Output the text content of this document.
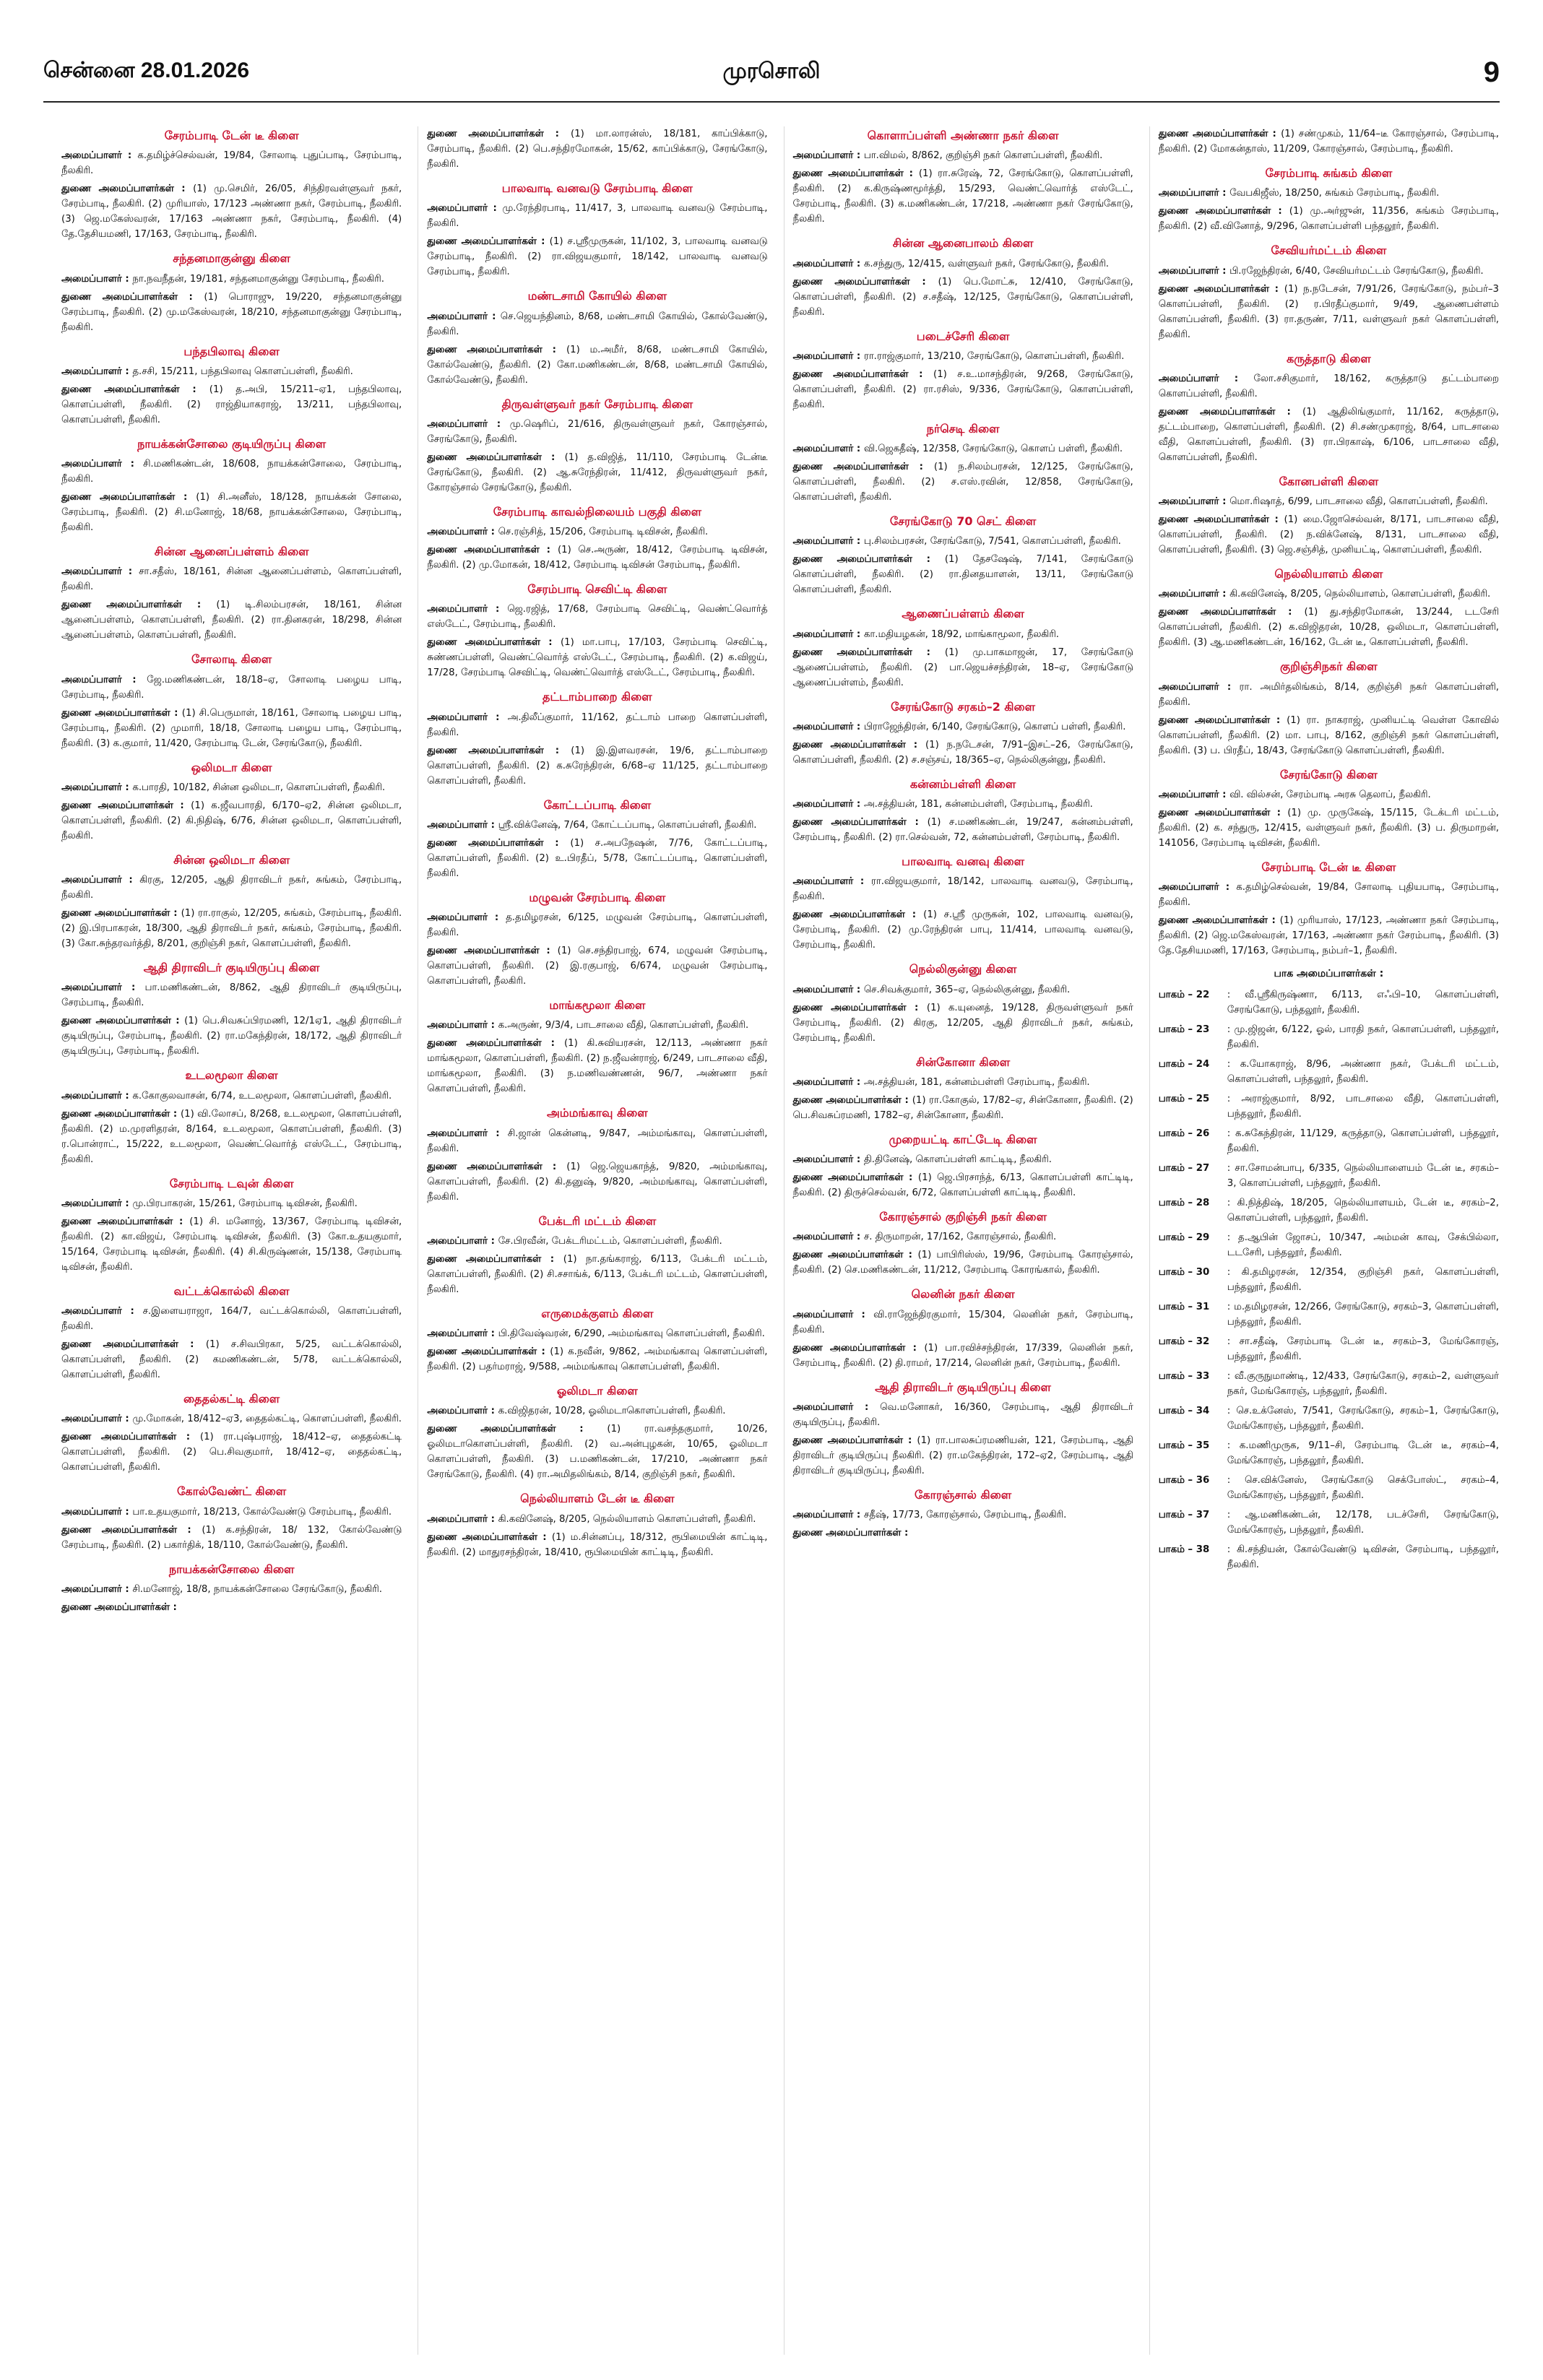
சென்னை 28.01.2026	முரசொலி	9
சேரம்பாடி டேன் டீ கிளை

அமைப்பாளர் : க.தமிழ்ச்செல்வன், 19/84, சோலாடி புதுப்பாடி, சேரம்பாடி, நீலகிரி.

துணை அமைப்பாளர்கள் : (1) மு.செமிர், 26/05, சிந்திரவள்ளுவர் நகர், சேரம்பாடி, நீலகிரி. (2) முரியாஸ், 17/123 அண்ணா நகர், சேரம்பாடி, நீலகிரி. (3) ஜெ.மகேஸ்வரன், 17/163 அண்ணா நகர், சேரம்பாடி, நீலகிரி. (4) தே.தேசியமணி, 17/163, சேரம்பாடி, நீலகிரி.

சந்தனமாகுன்னு கிளை

அமைப்பாளர் : நா.நவநீதன், 19/181, சந்தனமாகுன்னு சேரம்பாடி, நீலகிரி.

துணை அமைப்பாளர்கள் : (1) பொராஜு, 19/220, சந்தனமாகுன்னு சேரம்பாடி, நீலகிரி. (2) மு.மகேஸ்வரன், 18/210, சந்தனமாகுன்னு சேரம்பாடி, நீலகிரி.

பந்தபிலாவு கிளை

அமைப்பாளர் : த.சசி, 15/211, பந்தபிலாவு கொளப்பள்ளி, நீலகிரி.

துணை அமைப்பாளர்கள் : (1) த.அபி, 15/211–ஏ1, பந்தபிலாவு, கொளப்பள்ளி, நீலகிரி. (2) ராஜ்தியாகராஜ், 13/211, பந்தபிலாவு, கொளப்பள்ளி, நீலகிரி.

நாயக்கன்சோலை குடியிருப்பு கிளை

அமைப்பாளர் : சி.மணிகண்டன், 18/608, நாயக்கன்சோலை, சேரம்பாடி, நீலகிரி.

துணை அமைப்பாளர்கள் : (1) சி.அனீஸ், 18/128, நாயக்கன் சோலை, சேரம்பாடி, நீலகிரி. (2) சி.மனோஜ், 18/68, நாயக்கன்சோலை, சேரம்பாடி, நீலகிரி.

சின்ன ஆனைப்பள்ளம் கிளை

அமைப்பாளர் : சா.சதீஸ், 18/161, சின்ன ஆனைப்பள்ளம், கொளப்பள்ளி, நீலகிரி.

துணை அமைப்பாளர்கள் : (1) டி.சிலம்பரசன், 18/161, சின்ன ஆனைப்பள்ளம், கொளப்பள்ளி, நீலகிரி. (2) ரா.தினகரன், 18/298, சின்ன ஆனைப்பள்ளம், கொளப்பள்ளி, நீலகிரி.

சோலாடி கிளை

அமைப்பாளர் : ஜே.மணிகண்டன், 18/18–ஏ, சோலாடி பழைய பாடி, சேரம்பாடி, நீலகிரி.

துணை அமைப்பாளர்கள் : (1) சி.பெருமாள், 18/161, சோலாடி பழைய பாடி, சேரம்பாடி, நீலகிரி. (2) முமாரி, 18/18, சோலாடி பழைய பாடி, சேரம்பாடி, நீலகிரி. (3) க.குமார், 11/420, சேரம்பாடி டேன், சேரங்கோடு, நீலகிரி.

ஒலிமடா கிளை

அமைப்பாளர் : க.பாரதி, 10/182, சின்ன ஒலிமடா, கொளப்பள்ளி, நீலகிரி.

துணை அமைப்பாளர்கள் : (1) க.ஜீவபாரதி, 6/170–ஏ2, சின்ன ஒலிமடா, கொளப்பள்ளி, நீலகிரி. (2) கி.நிதிஷ், 6/76, சின்ன ஒலிமடா, கொளப்பள்ளி, நீலகிரி.

சின்ன ஒலிமடா கிளை

அமைப்பாளர் : கிரகு, 12/205, ஆதி திராவிடர் நகர், சுங்கம், சேரம்பாடி, நீலகிரி.

துணை அமைப்பாளர்கள் : (1) ரா.ராகுல், 12/205, சுங்கம், சேரம்பாடி, நீலகிரி. (2) இ.பிரபாகரன், 18/300, ஆதி திராவிடர் நகர், சுங்கம், சேரம்பாடி, நீலகிரி. (3) கோ.சுந்தரவர்த்தி, 8/201, குறிஞ்சி நகர், கொளப்பள்ளி, நீலகிரி.

ஆதி திராவிடர் குடியிருப்பு கிளை

அமைப்பாளர் : பா.மணிகண்டன், 8/862, ஆதி திராவிடர் குடியிருப்பு, சேரம்பாடி, நீலகிரி.

துணை அமைப்பாளர்கள் : (1) பெ.சிவசுப்பிரமணி, 12/1ஏ1, ஆதி திராவிடர் குடியிருப்பு, சேரம்பாடி, நீலகிரி. (2) ரா.மகேந்திரன், 18/172, ஆதி திராவிடர் குடியிருப்பு, சேரம்பாடி, நீலகிரி.

உடலமூலா கிளை

அமைப்பாளர் : க.கோகுலவாசன், 6/74, உடலமூலா, கொளப்பள்ளி, நீலகிரி.

துணை அமைப்பாளர்கள் : (1) வி.லோசப், 8/268, உடலமூலா, கொளப்பள்ளி, நீலகிரி. (2) ம.முரளிதரன், 8/164, உடலமூலா, கொளப்பள்ளி, நீலகிரி. (3) ர.பொன்ராட், 15/222, உடலமூலா, வெண்ட்வொர்த் எஸ்டேட், சேரம்பாடி, நீலகிரி.

சேரம்பாடி டவுன் கிளை

அமைப்பாளர் : மு.பிரபாகரன், 15/261, சேரம்பாடி டிவிசன், நீலகிரி.

துணை அமைப்பாளர்கள் : (1) சி. மனோஜ், 13/367, சேரம்பாடி டிவிசன், நீலகிரி. (2) கா.விஜய், சேரம்பாடி டிவிசன், நீலகிரி. (3) கோ.உதயகுமார், 15/164, சேரம்பாடி டிவிசன், நீலகிரி. (4) சி.கிருஷ்ணன், 15/138, சேரம்பாடி டிவிசன், நீலகிரி.

வட்டக்கொல்லி கிளை

அமைப்பாளர் : ச.இளையராஜா, 164/7, வட்டக்கொல்லி, கொளப்பள்ளி, நீலகிரி.

துணை அமைப்பாளர்கள் : (1) ச.சிவபிரகா, 5/25, வட்டக்கொல்லி, கொளப்பள்ளி, நீலகிரி. (2) கமணிகண்டன், 5/78, வட்டக்கொல்லி, கொளப்பள்ளி, நீலகிரி.

தைதல்கட்டி கிளை

அமைப்பாளர் : மு.மோகன், 18/412–ஏ3, தைதல்கட்டி, கொளப்பள்ளி, நீலகிரி.

துணை அமைப்பாளர்கள் : (1) ரா.புஷ்பராஜ், 18/412–ஏ, தைதல்கட்டி கொளப்பள்ளி, நீலகிரி. (2) பெ.சிவகுமார், 18/412–ஏ, தைதல்கட்டி, கொளப்பள்ளி, நீலகிரி.

கோல்வேண்ட் கிளை

அமைப்பாளர் : பா.உதயகுமார், 18/213, கோல்வேண்டு சேரம்பாடி, நீலகிரி.

துணை அமைப்பாளர்கள் : (1) க.சந்திரன், 18/ 132, கோல்வேண்டு சேரம்பாடி, நீலகிரி. (2) பகார்திக், 18/110, கோல்வேண்டு, நீலகிரி.

நாயக்கன்சோலை கிளை

அமைப்பாளர் : சி.மனோஜ், 18/8, நாயக்கன்சோலை சேரங்கோடு, நீலகிரி.

துணை அமைப்பாளர்கள் :

துணை அமைப்பாளர்கள் : (1) மா.லாரன்ஸ், 18/181, காப்பிக்காடு, சேரம்பாடி, நீலகிரி. (2) பெ.சந்திரமோகன், 15/62, காப்பிக்காடு, சேரங்கோடு, நீலகிரி.

பாலவாடி வனவடு சேரம்பாடி கிளை

அமைப்பாளர் : மு.ரேந்திரபாடி, 11/417, 3, பாலவாடி வனவடு சேரம்பாடி, நீலகிரி.

துணை அமைப்பாளர்கள் : (1) ச.ஸ்ரீமுருகன், 11/102, 3, பாலவாடி வனவடு சேரம்பாடி, நீலகிரி. (2) ரா.விஜயகுமார், 18/142, பாலவாடி வனவடு சேரம்பாடி, நீலகிரி.

மண்டசாமி கோயில் கிளை

அமைப்பாளர் : செ.ஜெயந்தினம், 8/68, மண்டசாமி கோயில், கோல்வேண்டு, நீலகிரி.

துணை அமைப்பாளர்கள் : (1) ம.அமீர், 8/68, மண்டசாமி கோயில், கோல்வேண்டு, நீலகிரி. (2) கோ.மணிகண்டன், 8/68, மண்டசாமி கோயில், கோல்வேண்டு, நீலகிரி.

திருவள்ளுவர் நகர் சேரம்பாடி கிளை

அமைப்பாளர் : மு.ஷெரிப், 21/616, திருவள்ளுவர் நகர், கோரஞ்சால், சேரங்கோடு, நீலகிரி.

துணை அமைப்பாளர்கள் : (1) த.விஜித், 11/110, சேரம்பாடி டேன்டீ சேரங்கோடு, நீலகிரி. (2) ஆ.சுரேந்திரன், 11/412, திருவள்ளுவர் நகர், கோரஞ்சால் சேரங்கோடு, நீலகிரி.

சேரம்பாடி காவல்நிலையம் பகுதி கிளை

அமைப்பாளர் : செ.ரஞ்சித், 15/206, சேரம்பாடி டிவிசன், நீலகிரி.

துணை அமைப்பாளர்கள் : (1) செ.அருண், 18/412, சேரம்பாடி டிவிசன், நீலகிரி. (2) மு.மோகன், 18/412, சேரம்பாடி டிவிசன் சேரம்பாடி, நீலகிரி.

சேரம்பாடி செவிட்டி கிளை

அமைப்பாளர் : ஜெ.ரஜித், 17/68, சேரம்பாடி செவிட்டி, வெண்ட்வொர்த் எஸ்டேட், சேரம்பாடி, நீலகிரி.

துணை அமைப்பாளர்கள் : (1) மா.பாபு, 17/103, சேரம்பாடி செவிட்டி, சுண்ணப்பள்ளி, வெண்ட்வொர்த் எஸ்டேட், சேரம்பாடி, நீலகிரி. (2) க.விஜய், 17/28, சேரம்பாடி செவிட்டி, வெண்ட்வொர்த் எஸ்டேட், சேரம்பாடி, நீலகிரி.

தட்டாம்பாறை கிளை

அமைப்பாளர் : அ.திலீப்குமார், 11/162, தட்டாம் பாறை கொளப்பள்ளி, நீலகிரி.

துணை அமைப்பாளர்கள் : (1) இ.இளவரசன், 19/6, தட்டாம்பாறை கொளப்பள்ளி, நீலகிரி. (2) க.சுரேந்திரன், 6/68–ஏ 11/125, தட்டாம்பாறை கொளப்பள்ளி, நீலகிரி.

கோட்டப்பாடி கிளை

அமைப்பாளர் : ஸ்ரீ.விக்னேஷ், 7/64, கோட்டப்பாடி, கொளப்பள்ளி, நீலகிரி.

துணை அமைப்பாளர்கள் : (1) ச.அபநேஷன், 7/76, கோட்டப்பாடி, கொளப்பள்ளி, நீலகிரி. (2) உ.பிரதீப், 5/78, கோட்டப்பாடி, கொளப்பள்ளி, நீலகிரி.

மழுவன் சேரம்பாடி கிளை

அமைப்பாளர் : த.தமிழரசன், 6/125, மழுவன் சேரம்பாடி, கொளப்பள்ளி, நீலகிரி.

துணை அமைப்பாளர்கள் : (1) செ.சந்திரபாஜ், 674, மழுவன் சேரம்பாடி, கொளப்பள்ளி, நீலகிரி. (2) இ.ரகுபாஜ், 6/674, மழுவன் சேரம்பாடி, கொளப்பள்ளி, நீலகிரி.

மாங்கமூலா கிளை

அமைப்பாளர் : க.அருண், 9/3/4, பாடசாலை வீதி, கொளப்பள்ளி, நீலகிரி.

துணை அமைப்பாளர்கள் : (1) கி.சுவியரசன், 12/113, அண்ணா நகர் மாங்கமூலா, கொளப்பள்ளி, நீலகிரி. (2) ந.ஜீவன்ராஜ், 6/249, பாடசாலை வீதி, மாங்கமூலா, நீலகிரி. (3) ந.மணிவண்ணன், 96/7, அண்ணா நகர் கொளப்பள்ளி, நீலகிரி.

அம்மங்காவு கிளை

அமைப்பாளர் : சி.ஜான் கென்னடி, 9/847, அம்மங்காவு, கொளப்பள்ளி, நீலகிரி.

துணை அமைப்பாளர்கள் : (1) ஜெ.ஜெயகாந்த், 9/820, அம்மங்காவு, கொளப்பள்ளி, நீலகிரி. (2) கி.தனுஷ், 9/820, அம்மங்காவு, கொளப்பள்ளி, நீலகிரி.

பேக்டரி மட்டம் கிளை

அமைப்பாளர் : சே.பிரவீன், பேக்டரிமட்டம், கொளப்பள்ளி, நீலகிரி.

துணை அமைப்பாளர்கள் : (1) நா.தங்கராஜ், 6/113, பேக்டரி மட்டம், கொளப்பள்ளி, நீலகிரி. (2) சி.சசாங்க், 6/113, பேக்டரி மட்டம், கொளப்பள்ளி, நீலகிரி.

எருமைக்குளம் கிளை

அமைப்பாளர் : பி.திவேஷ்வரன், 6/290, அம்மங்காவு கொளப்பள்ளி, நீலகிரி.

துணை அமைப்பாளர்கள் : (1) க.நவீன், 9/862, அம்மங்காவு கொளப்பள்ளி, நீலகிரி. (2) பதர்மராஜ், 9/588, அம்மங்காவு கொளப்பள்ளி, நீலகிரி.

ஓலிமடா கிளை

அமைப்பாளர் : க.விஜிதரன், 10/28, ஓலிமடாகொளப்பள்ளி, நீலகிரி.

துணை அமைப்பாளர்கள் : (1) ரா.வசந்தகுமார், 10/26, ஓலிமடாகொளப்பள்ளி, நீலகிரி. (2) வ.அன்புழகன், 10/65, ஓலிமடா கொளப்பள்ளி, நீலகிரி. (3) ப.மணிகண்டன், 17/210, அண்ணா நகர் சேரங்கோடு, நீலகிரி. (4) ரா.அமிதலிங்கம், 8/14, குறிஞ்சி நகர், நீலகிரி.

நெல்லியாளம் டேன் டீ கிளை

அமைப்பாளர் : கி.கவினேஷ், 8/205, நெல்லியாளம் கொளப்பள்ளி, நீலகிரி.

துணை அமைப்பாளர்கள் : (1) ம.சின்னப்பு, 18/312, ரூபிமையின் காட்டிடி, நீலகிரி. (2) மாதுரசந்திரன், 18/410, ரூபிமையின் காட்டிடி, நீலகிரி.

கொளாப்பள்ளி அண்ணா நகர் கிளை

அமைப்பாளர் : பா.விமல், 8/862, குறிஞ்சி நகர் கொளப்பள்ளி, நீலகிரி.

துணை அமைப்பாளர்கள் : (1) ரா.சுரேஷ், 72, சேரங்கோடு, கொளப்பள்ளி, நீலகிரி. (2) க.கிருஷ்ணமூர்த்தி, 15/293, வெண்ட்வொர்த் எஸ்டேட், சேரம்பாடி, நீலகிரி. (3) க.மணிகண்டன், 17/218, அண்ணா நகர் சேரங்கோடு, நீலகிரி.

சின்ன ஆனைபாலம் கிளை

அமைப்பாளர் : க.சந்துரு, 12/415, வள்ளுவர் நகர், சேரங்கோடு, நீலகிரி.

துணை அமைப்பாளர்கள் : (1) பெ.மோட்சு, 12/410, சேரங்கோடு, கொளப்பள்ளி, நீலகிரி. (2) ச.சதீஷ், 12/125, சேரங்கோடு, கொளப்பள்ளி, நீலகிரி.

படைச்சேரி கிளை

அமைப்பாளர் : ரா.ராஜ்குமார், 13/210, சேரங்கோடு, கொளப்பள்ளி, நீலகிரி.

துணை அமைப்பாளர்கள் : (1) ச.உ.மாசந்திரன், 9/268, சேரங்கோடு, கொளப்பள்ளி, நீலகிரி. (2) ரா.ரசிஸ், 9/336, சேரங்கோடு, கொளப்பள்ளி, நீலகிரி.

நர்செடி கிளை

அமைப்பாளர் : வி.ஜெகதீஷ், 12/358, சேரங்கோடு, கொளப் பள்ளி, நீலகிரி.

துணை அமைப்பாளர்கள் : (1) ந.சிலம்பரசன், 12/125, சேரங்கோடு, கொளப்பள்ளி, நீலகிரி. (2) ச.எஸ்.ரவின், 12/858, சேரங்கோடு, கொளப்பள்ளி, நீலகிரி.

சேரங்கோடு 70 செட் கிளை

அமைப்பாளர் : பு.சிலம்பரசன், சேரங்கோடு, 7/541, கொளப்பள்ளி, நீலகிரி.

துணை அமைப்பாளர்கள் : (1) தேசஷேஷ், 7/141, சேரங்கோடு கொளப்பள்ளி, நீலகிரி. (2) ரா.தினதயாளன், 13/11, சேரங்கோடு கொளப்பள்ளி, நீலகிரி.

ஆணைப்பள்ளம் கிளை

அமைப்பாளர் : கா.மதியழகன், 18/92, மாங்காமூலா, நீலகிரி.

துணை அமைப்பாளர்கள் : (1) மு.பாகமாஜன், 17, சேரங்கோடு ஆணைப்பள்ளம், நீலகிரி. (2) பா.ஜெயச்சந்திரன், 18–ஏ, சேரங்கோடு ஆணைப்பள்ளம், நீலகிரி.

சேரங்கோடு சரகம்–2 கிளை

அமைப்பாளர் : பிராஜேந்திரன், 6/140, சேரங்கோடு, கொளப் பள்ளி, நீலகிரி.

துணை அமைப்பாளர்கள் : (1) ந.நடேசன், 7/91–இசட்–26, சேரங்கோடு, கொளப்பள்ளி, நீலகிரி. (2) ச.சஞ்சய், 18/365–ஏ, நெல்லிகுன்னு, நீலகிரி.

கன்னம்பள்ளி கிளை

அமைப்பாளர் : அ.சத்தியன், 181, கன்னம்பள்ளி, சேரம்பாடி, நீலகிரி.

துணை அமைப்பாளர்கள் : (1) ச.மணிகண்டன், 19/247, கன்னம்பள்ளி, சேரம்பாடி, நீலகிரி. (2) ரா.செல்வன், 72, கன்னம்பள்ளி, சேரம்பாடி, நீலகிரி.

பாலவாடி வனவு கிளை

அமைப்பாளர் : ரா.விஜயகுமார், 18/142, பாலவாடி வனவடு, சேரம்பாடி, நீலகிரி.

துணை அமைப்பாளர்கள் : (1) ச.ஸ்ரீ முருகன், 102, பாலவாடி வனவடு, சேரம்பாடி, நீலகிரி. (2) மு.ரேந்திரன் பாபு, 11/414, பாலவாடி வனவடு, சேரம்பாடி, நீலகிரி.

நெல்லிகுன்னு கிளை

அமைப்பாளர் : செ.சிவக்குமார், 365–ஏ, நெல்லிகுன்னு, நீலகிரி.

துணை அமைப்பாளர்கள் : (1) க.யுனைத், 19/128, திருவள்ளுவர் நகர் சேரம்பாடி, நீலகிரி. (2) கிரகு, 12/205, ஆதி திராவிடர் நகர், சுங்கம், சேரம்பாடி, நீலகிரி.

சின்கோனா கிளை

அமைப்பாளர் : அ.சத்தியன், 181, கன்னம்பள்ளி சேரம்பாடி, நீலகிரி.

துணை அமைப்பாளர்கள் : (1) ரா.கோகுல், 17/82–ஏ, சின்கோனா, நீலகிரி. (2) பெ.சிவசுப்ரமணி, 1782–ஏ, சின்கோனா, நீலகிரி.

முறையட்டி காட்டேடி கிளை

அமைப்பாளர் : தி.தினேஷ், கொளப்பள்ளி காட்டிடி, நீலகிரி.

துணை அமைப்பாளர்கள் : (1) ஜெ.பிரசாந்த், 6/13, கொளப்பள்ளி காட்டிடி, நீலகிரி. (2) திருச்செல்வன், 6/72, கொளப்பள்ளி காட்டிடி, நீலகிரி.

கோரஞ்சால் குறிஞ்சி நகர் கிளை

அமைப்பாளர் : ச. திருமாறன், 17/162, கோரஞ்சால், நீலகிரி.

துணை அமைப்பாளர்கள் : (1) பாபிரிஸ்ஸ், 19/96, சேரம்பாடி கோரஞ்சால், நீலகிரி. (2) செ.மணிகண்டன், 11/212, சேரம்பாடி கோரங்கால், நீலகிரி.

லெனின் நகர் கிளை

அமைப்பாளர் : வி.ராஜேந்திரகுமார், 15/304, லெனின் நகர், சேரம்பாடி, நீலகிரி.

துணை அமைப்பாளர்கள் : (1) பா.ரவிச்சந்திரன், 17/339, லெனின் நகர், சேரம்பாடி, நீலகிரி. (2) தி.ராமர், 17/214, லெனின் நகர், சேரம்பாடி, நீலகிரி.

ஆதி திராவிடர் குடியிருப்பு கிளை

அமைப்பாளர் : வெ.மனோகர், 16/360, சேரம்பாடி, ஆதி திராவிடர் குடியிருப்பு, நீலகிரி.

துணை அமைப்பாளர்கள் : (1) ரா.பாலசுப்ரமணியன், 121, சேரம்பாடி, ஆதி திராவிடர் குடியிருப்பு நீலகிரி. (2) ரா.மகேந்திரன், 172–ஏ2, சேரம்பாடி, ஆதி திராவிடர் குடியிருப்பு, நீலகிரி.

கோரஞ்சால் கிளை

அமைப்பாளர் : சதீஷ், 17/73, கோரஞ்சால், சேரம்பாடி, நீலகிரி.

துணை அமைப்பாளர்கள் :

துணை அமைப்பாளர்கள் : (1) சண்முகம், 11/64–டீ கோரஞ்சால், சேரம்பாடி, நீலகிரி. (2) மோகன்தாஸ், 11/209, கோரஞ்சால், சேரம்பாடி, நீலகிரி.

சேரம்பாடி சுங்கம் கிளை

அமைப்பாளர் : வேபகிஜீஸ், 18/250, சுங்கம் சேரம்பாடி, நீலகிரி.

துணை அமைப்பாளர்கள் : (1) மு.அர்ஜுன், 11/356, சுங்கம் சேரம்பாடி, நீலகிரி. (2) வீ.வினோத், 9/296, கொளப்பள்ளி பந்தலூர், நீலகிரி.

சேவியர்மட்டம் கிளை

அமைப்பாளர் : பி.ரஜேந்திரன், 6/40, சேவியர்மட்டம் சேரங்கோடு, நீலகிரி.

துணை அமைப்பாளர்கள் : (1) ந.நடேசன், 7/91/26, சேரங்கோடு, நம்பர்–3 கொளப்பள்ளி, நீலகிரி. (2) ர.பிரதீப்குமார், 9/49, ஆணைபள்ளம் கொளப்பள்ளி, நீலகிரி. (3) ரா.தருண், 7/11, வள்ளுவர் நகர் கொளப்பள்ளி, நீலகிரி.

கருத்தாடு கிளை

அமைப்பாளர் : லோ.சசிகுமார், 18/162, கருத்தாடு தட்டம்பாறை கொளப்பள்ளி, நீலகிரி.

துணை அமைப்பாளர்கள் : (1) ஆதிலிங்குமார், 11/162, கருத்தாடு, தட்டம்பாறை, கொளப்பள்ளி, நீலகிரி. (2) சி.சண்முகராஜ், 8/64, பாடசாலை வீதி, கொளப்பள்ளி, நீலகிரி. (3) ரா.பிரகாஷ், 6/106, பாடசாலை வீதி, கொளப்பள்ளி, நீலகிரி.

கோனபள்ளி கிளை

அமைப்பாளர் : மொ.ரிஷாத், 6/99, பாடசாலை வீதி, கொளப்பள்ளி, நீலகிரி.

துணை அமைப்பாளர்கள் : (1) மை.ஜோசெல்வன், 8/171, பாடசாலை வீதி, கொளப்பள்ளி, நீலகிரி. (2) ந.விக்னேஷ், 8/131, பாடசாலை வீதி, கொளப்பள்ளி, நீலகிரி. (3) ஜெ.சஞ்சித், முனியட்டி, கொளப்பள்ளி, நீலகிரி.

நெல்லியாளம் கிளை

அமைப்பாளர் : கி.கவினேஷ், 8/205, நெல்லியாளம், கொளப்பள்ளி, நீலகிரி.

துணை அமைப்பாளர்கள் : (1) து.சந்திரமோகன், 13/244, டடசேரி கொளப்பள்ளி, நீலகிரி. (2) க.விஜிதரன், 10/28, ஒலிமடா, கொளப்பள்ளி, நீலகிரி. (3) ஆ.மணிகண்டன், 16/162, டேன் டீ, கொளப்பள்ளி, நீலகிரி.

குறிஞ்சிநகர் கிளை

அமைப்பாளர் : ரா. அமிர்தலிங்கம், 8/14, குறிஞ்சி நகர் கொளப்பள்ளி, நீலகிரி.

துணை அமைப்பாளர்கள் : (1) ரா. நாகராஜ், முனியட்டி வெள்ள கோவில் கொளப்பள்ளி, நீலகிரி. (2) மா. பாபு, 8/162, குறிஞ்சி நகர் கொளப்பள்ளி, நீலகிரி. (3) ப. பிரதீப், 18/43, சேரங்கோடு கொளப்பள்ளி, நீலகிரி.

சேரங்கோடு கிளை

அமைப்பாளர் : வி. வில்சன், சேரம்பாடி அரசு தெலாப், நீலகிரி.

துணை அமைப்பாளர்கள் : (1) மு. முருகேஷ், 15/115, டேக்டரி மட்டம், நீலகிரி. (2) க. சந்துரு, 12/415, வள்ளுவர் நகர், நீலகிரி. (3) ப. திருமாறன், 141056, சேரம்பாடி டிவிசன், நீலகிரி.

சேரம்பாடி டேன் டீ கிளை

அமைப்பாளர் : க.தமிழ்செல்வன், 19/84, சோலாடி புதியபாடி, சேரம்பாடி, நீலகிரி.

துணை அமைப்பாளர்கள் : (1) முரியாஸ், 17/123, அண்ணா நகர் சேரம்பாடி, நீலகிரி. (2) ஜெ.மகேஸ்வரன், 17/163, அண்ணா நகர் சேரம்பாடி, நீலகிரி. (3) தே.தேசியமணி, 17/163, சேரம்பாடி, நம்பர்–1, நீலகிரி.

பாக அமைப்பாளர்கள் :
பாகம் – 22	: வீ.ஸ்ரீகிருஷ்ணா, 6/113, எஃபி–10, கொளப்பள்ளி, சேரங்கோடு, பந்தலூர், நீலகிரி.
பாகம் – 23	: மு.ஜிஜன், 6/122, ஓல், பாரதி நகர், கொளப்பள்ளி, பந்தலூர், நீலகிரி.
பாகம் – 24	: க.யோகராஜ், 8/96, அண்ணா நகர், பேக்டரி மட்டம், கொளப்பள்ளி, பந்தலூர், நீலகிரி.
பாகம் – 25	: அராஜ்குமார், 8/92, பாடசாலை வீதி, கொளப்பள்ளி, பந்தலூர், நீலகிரி.
பாகம் – 26	: க.சுகேந்திரன், 11/129, கருத்தாடு, கொளப்பள்ளி, பந்தலூர், நீலகிரி.
பாகம் – 27	: சா.சோமன்பாபு, 6/335, நெல்லியாளையம் டேன் டீ, சரகம்–3, கொளப்பள்ளி, பந்தலூர், நீலகிரி.
பாகம் – 28	: கி.நித்திஷ், 18/205, நெல்லியாளயம், டேன் டீ, சரகம்–2, கொளப்பள்ளி, பந்தலூர், நீலகிரி.
பாகம் – 29	: த.ஆபின் ஜோசப், 10/347, அம்மன் காவு, சேக்பில்லா, டடசேரி, பந்தலூர், நீலகிரி.
பாகம் – 30	: கி.தமிழரசன், 12/354, குறிஞ்சி நகர், கொளப்பள்ளி, பந்தலூர், நீலகிரி.
பாகம் – 31	: ம.தமிழரசன், 12/266, சேரங்கோடு, சரகம்–3, கொளப்பள்ளி, பந்தலூர், நீலகிரி.
பாகம் – 32	: சா.சதீஷ், சேரம்பாடி டேன் டீ, சரகம்–3, மேங்கோரஞ், பந்தலூர், நீலகிரி.
பாகம் – 33	: வீ.குருநுமாண்டி, 12/433, சேரங்கோடு, சரகம்–2, வள்ளுவர் நகர், மேங்கோரஞ், பந்தலூர், நீலகிரி.
பாகம் – 34	: செ.உக்னேஸ், 7/541, சேரங்கோடு, சரகம்–1, சேரங்கோடு, மேங்கோரஞ், பந்தலூர், நீலகிரி.
பாகம் – 35	: க.மணிமுருக, 9/11–சி, சேரம்பாடி டேன் டீ, சரகம்–4, மேங்கோரஞ், பந்தலூர், நீலகிரி.
பாகம் – 36	: செ.விக்னேஸ், சேரங்கோடு செக்போஸ்ட், சரகம்–4, மேங்கோரஞ், பந்தலூர், நீலகிரி.
பாகம் – 37	: ஆ.மணிகண்டன், 12/178, படச்சேரி, சேரங்கோடு, மேங்கோரஞ், பந்தலூர், நீலகிரி.
பாகம் – 38	: கி.சந்தியன், கோல்வேண்டு டிவிசன், சேரம்பாடி, பந்தலூர், நீலகிரி.
